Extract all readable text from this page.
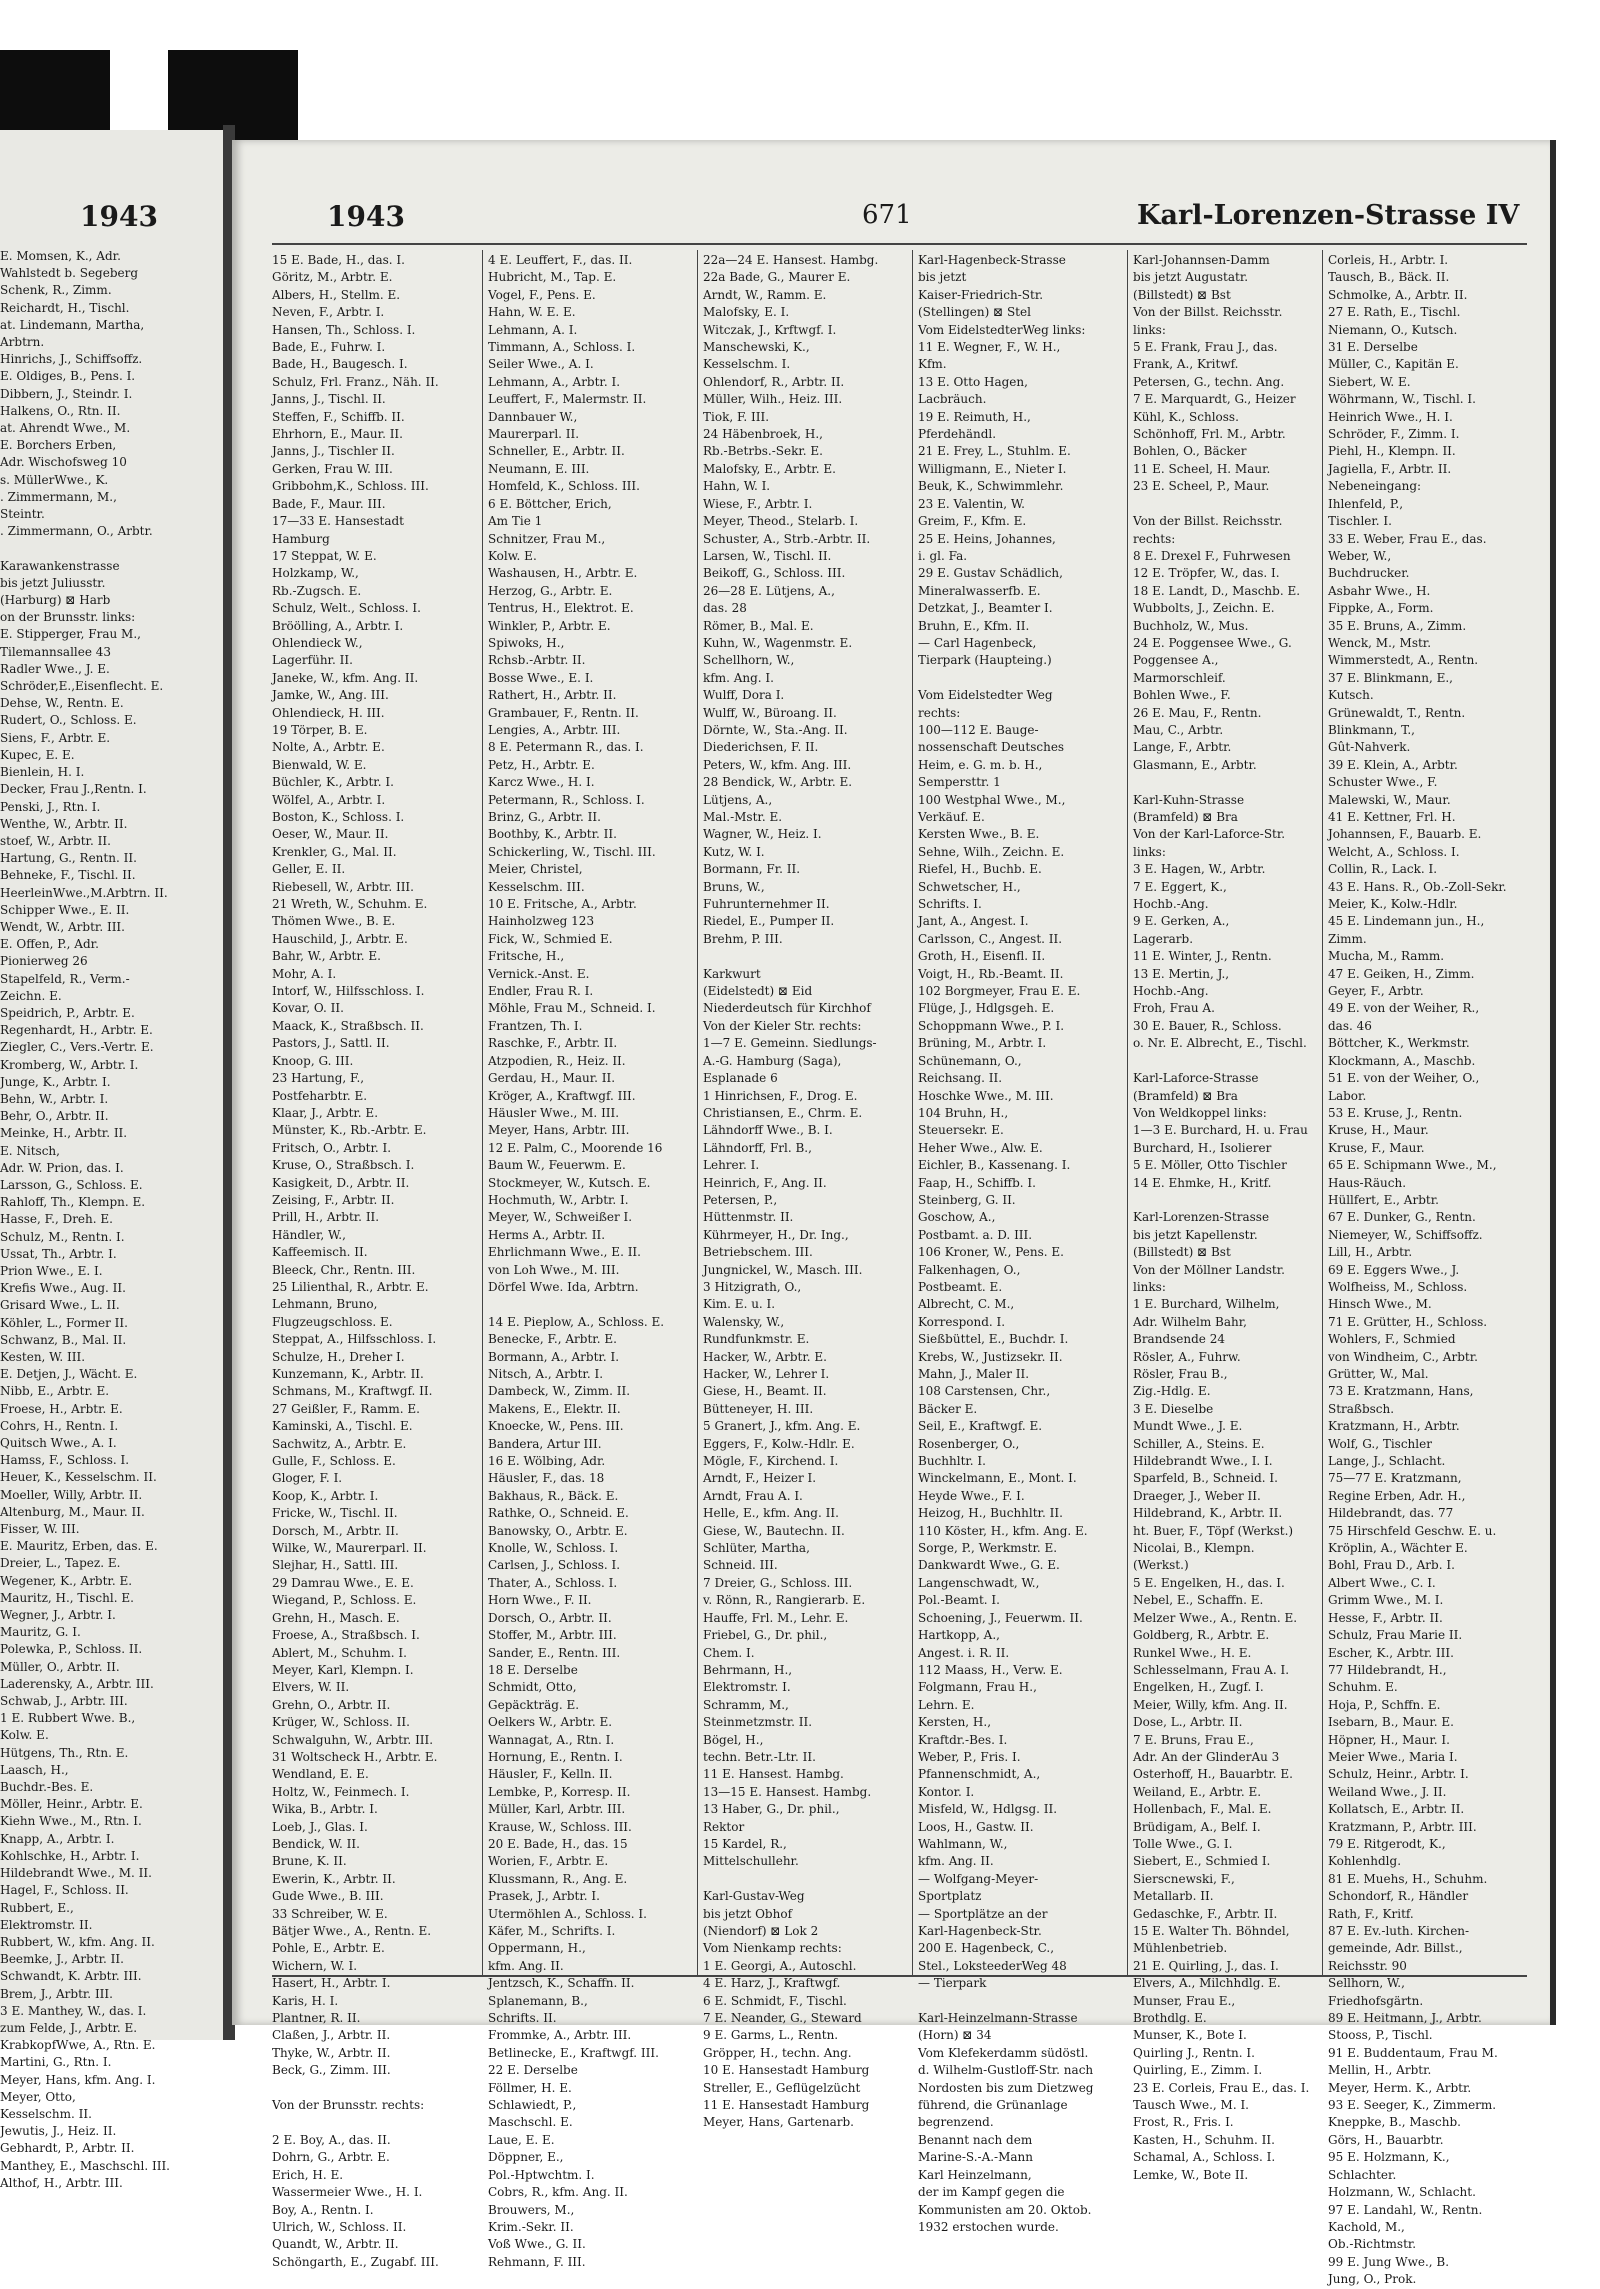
1943
E. Momsen, K., Adr.
Wahlstedt b. Segeberg
Schenk, R., Zimm.
Reichardt, H., Tischl.
at. Lindemann, Martha,
Arbtrn.
Hinrichs, J., Schiffsoffz.
E. Oldiges, B., Pens. I.
Dibbern, J., Steindr. I.
Halkens, O., Rtn. II.
at. Ahrendt Wwe., M.
E. Borchers Erben,
Adr. Wischofsweg 10
s. MüllerWwe., K.
. Zimmermann, M.,
Steintr.
. Zimmermann, O., Arbtr.

Karawankenstrasse
bis jetzt Juliusstr.
(Harburg) ⊠ Harb
on der Brunsstr. links:
E. Stipperger, Frau M.,
Tilemannsallee 43
Radler Wwe., J. E.
Schröder,E.,Eisenflecht. E.
Dehse, W., Rentn. E.
Rudert, O., Schloss. E.
Siens, F., Arbtr. E.
Kupec, E. E.
Bienlein, H. I.
Decker, Frau J.,Rentn. I.
Penski, J., Rtn. I.
Wenthe, W., Arbtr. II.
stoef, W., Arbtr. II.
Hartung, G., Rentn. II.
Behneke, F., Tischl. II.
HeerleinWwe.,M.Arbtrn. II.
Schipper Wwe., E. II.
Wendt, W., Arbtr. III.
E. Offen, P., Adr.
Pionierweg 26
Stapelfeld, R., Verm.-
Zeichn. E.
Speidrich, P., Arbtr. E.
Regenhardt, H., Arbtr. E.
Ziegler, C., Vers.-Vertr. E.
Kromberg, W., Arbtr. I.
Junge, K., Arbtr. I.
Behn, W., Arbtr. I.
Behr, O., Arbtr. II.
Meinke, H., Arbtr. II.
E. Nitsch,
Adr. W. Prion, das. I.
Larsson, G., Schloss. E.
Rahloff, Th., Klempn. E.
Hasse, F., Dreh. E.
Schulz, M., Rentn. I.
Ussat, Th., Arbtr. I.
Prion Wwe., E. I.
Krefis Wwe., Aug. II.
Grisard Wwe., L. II.
Köhler, L., Former II.
Schwanz, B., Mal. II.
Kesten, W. III.
E. Detjen, J., Wächt. E.
Nibb, E., Arbtr. E.
Froese, H., Arbtr. E.
Cohrs, H., Rentn. I.
Quitsch Wwe., A. I.
Hamss, F., Schloss. I.
Heuer, K., Kesselschm. II.
Moeller, Willy, Arbtr. II.
Altenburg, M., Maur. II.
Fisser, W. III.
E. Mauritz, Erben, das. E.
Dreier, L., Tapez. E.
Wegener, K., Arbtr. E.
Mauritz, H., Tischl. E.
Wegner, J., Arbtr. I.
Mauritz, G. I.
Polewka, P., Schloss. II.
Müller, O., Arbtr. II.
Laderensky, A., Arbtr. III.
Schwab, J., Arbtr. III.
1 E. Rubbert Wwe. B.,
Kolw. E.
Hütgens, Th., Rtn. E.
Laasch, H.,
Buchdr.-Bes. E.
Möller, Heinr., Arbtr. E.
Kiehn Wwe., M., Rtn. I.
Knapp, A., Arbtr. I.
Kohlschke, H., Arbtr. I.
Hildebrandt Wwe., M. II.
Hagel, F., Schloss. II.
Rubbert, E.,
Elektromstr. II.
Rubbert, W., kfm. Ang. II.
Beemke, J., Arbtr. II.
Schwandt, K. Arbtr. III.
Brem, J., Arbtr. III.
3 E. Manthey, W., das. I.
zum Felde, J., Arbtr. E.
KrabkopfWwe, A., Rtn. E.
Martini, G., Rtn. I.
Meyer, Hans, kfm. Ang. I.
Meyer, Otto,
Kesselschm. II.
Jewutis, J., Heiz. II.
Gebhardt, P., Arbtr. II.
Manthey, E., Maschschl. III.
Althof, H., Arbtr. III.
1943	671	Karl-Lorenzen-Strasse IV
15 E. Bade, H., das. I.
Göritz, M., Arbtr. E.
Albers, H., Stellm. E.
Neven, F., Arbtr. I.
Hansen, Th., Schloss. I.
Bade, E., Fuhrw. I.
Bade, H., Baugesch. I.
Schulz, Frl. Franz., Näh. II.
Janns, J., Tischl. II.
Steffen, F., Schiffb. II.
Ehrhorn, E., Maur. II.
Janns, J., Tischler II.
Gerken, Frau W. III.
Gribbohm,K., Schloss. III.
Bade, F., Maur. III.
17—33 E. Hansestadt
Hamburg
17 Steppat, W. E.
Holzkamp, W.,
Rb.-Zugsch. E.
Schulz, Welt., Schloss. I.
Bröölling, A., Arbtr. I.
Ohlendieck W.,
Lagerführ. II.
Janeke, W., kfm. Ang. II.
Jamke, W., Ang. III.
Ohlendieck, H. III.
19 Törper, B. E.
Nolte, A., Arbtr. E.
Bienwald, W. E.
Büchler, K., Arbtr. I.
Wölfel, A., Arbtr. I.
Boston, K., Schloss. I.
Oeser, W., Maur. II.
Krenkler, G., Mal. II.
Geller, E. II.
Riebesell, W., Arbtr. III.
21 Wreth, W., Schuhm. E.
Thömen Wwe., B. E.
Hauschild, J., Arbtr. E.
Bahr, W., Arbtr. E.
Mohr, A. I.
Intorf, W., Hilfsschloss. I.
Kovar, O. II.
Maack, K., Straßbsch. II.
Pastors, J., Sattl. II.
Knoop, G. III.
23 Hartung, F.,
Postfeharbtr. E.
Klaar, J., Arbtr. E.
Münster, K., Rb.-Arbtr. E.
Fritsch, O., Arbtr. I.
Kruse, O., Straßbsch. I.
Kasigkeit, D., Arbtr. II.
Zeising, F., Arbtr. II.
Prill, H., Arbtr. II.
Händler, W.,
Kaffeemisch. II.
Bleeck, Chr., Rentn. III.
25 Lilienthal, R., Arbtr. E.
Lehmann, Bruno,
Flugzeugschloss. E.
Steppat, A., Hilfsschloss. I.
Schulze, H., Dreher I.
Kunzemann, K., Arbtr. II.
Schmans, M., Kraftwgf. II.
27 Geißler, F., Ramm. E.
Kaminski, A., Tischl. E.
Sachwitz, A., Arbtr. E.
Gulle, F., Schloss. E.
Gloger, F. I.
Koop, K., Arbtr. I.
Fricke, W., Tischl. II.
Dorsch, M., Arbtr. II.
Wilke, W., Maurerparl. II.
Slejhar, H., Sattl. III.
29 Damrau Wwe., E. E.
Wiegand, P., Schloss. E.
Grehn, H., Masch. E.
Froese, A., Straßbsch. I.
Ablert, M., Schuhm. I.
Meyer, Karl, Klempn. I.
Elvers, W. II.
Grehn, O., Arbtr. II.
Krüger, W., Schloss. II.
Schwalguhn, W., Arbtr. III.
31 Woltscheck H., Arbtr. E.
Wendland, E. E.
Holtz, W., Feinmech. I.
Wika, B., Arbtr. I.
Loeb, J., Glas. I.
Bendick, W. II.
Brune, K. II.
Ewerin, K., Arbtr. II.
Gude Wwe., B. III.
33 Schreiber, W. E.
Bätjer Wwe., A., Rentn. E.
Pohle, E., Arbtr. E.
Wichern, W. I.
Hasert, H., Arbtr. I.
Karis, H. I.
Plantner, R. II.
Claßen, J., Arbtr. II.
Thyke, W., Arbtr. II.
Beck, G., Zimm. III.

Von der Brunsstr. rechts:

2 E. Boy, A., das. II.
Dohrn, G., Arbtr. E.
Erich, H. E.
Wassermeier Wwe., H. I.
Boy, A., Rentn. I.
Ulrich, W., Schloss. II.
Quandt, W., Arbtr. II.
Schöngarth, E., Zugabf. III.
4 E. Leuffert, F., das. II.
Hubricht, M., Tap. E.
Vogel, F., Pens. E.
Hahn, W. E. E.
Lehmann, A. I.
Timmann, A., Schloss. I.
Seiler Wwe., A. I.
Lehmann, A., Arbtr. I.
Leuffert, F., Malermstr. II.
Dannbauer W.,
Maurerparl. II.
Schneller, E., Arbtr. II.
Neumann, E. III.
Homfeld, K., Schloss. III.
6 E. Böttcher, Erich,
Am Tie 1
Schnitzer, Frau M.,
Kolw. E.
Washausen, H., Arbtr. E.
Herzog, G., Arbtr. E.
Tentrus, H., Elektrot. E.
Winkler, P., Arbtr. E.
Spiwoks, H.,
Rchsb.-Arbtr. II.
Bosse Wwe., E. I.
Rathert, H., Arbtr. II.
Grambauer, F., Rentn. II.
Lengies, A., Arbtr. III.
8 E. Petermann R., das. I.
Petz, H., Arbtr. E.
Karcz Wwe., H. I.
Petermann, R., Schloss. I.
Brinz, G., Arbtr. II.
Boothby, K., Arbtr. II.
Schickerling, W., Tischl. III.
Meier, Christel,
Kesselschm. III.
10 E. Fritsche, A., Arbtr.
Hainholzweg 123
Fick, W., Schmied E.
Fritsche, H.,
Vernick.-Anst. E.
Endler, Frau R. I.
Möhle, Frau M., Schneid. I.
Frantzen, Th. I.
Raschke, F., Arbtr. II.
Atzpodien, R., Heiz. II.
Gerdau, H., Maur. II.
Kröger, A., Kraftwgf. III.
Häusler Wwe., M. III.
Meyer, Hans, Arbtr. III.
12 E. Palm, C., Moorende 16
Baum W., Feuerwm. E.
Stockmeyer, W., Kutsch. E.
Hochmuth, W., Arbtr. I.
Meyer, W., Schweißer I.
Herms A., Arbtr. II.
Ehrlichmann Wwe., E. II.
von Loh Wwe., M. III.
Dörfel Wwe. Ida, Arbtrn.

14 E. Pieplow, A., Schloss. E.
Benecke, F., Arbtr. E.
Bormann, A., Arbtr. I.
Nitsch, A., Arbtr. I.
Dambeck, W., Zimm. II.
Makens, E., Elektr. II.
Knoecke, W., Pens. III.
Bandera, Artur III.
16 E. Wölbing, Adr.
Häusler, F., das. 18
Bakhaus, R., Bäck. E.
Rathke, O., Schneid. E.
Banowsky, O., Arbtr. E.
Knolle, W., Schloss. I.
Carlsen, J., Schloss. I.
Thater, A., Schloss. I.
Horn Wwe., F. II.
Dorsch, O., Arbtr. II.
Stoffer, M., Arbtr. III.
Sander, E., Rentn. III.
18 E. Derselbe
Schmidt, Otto,
Gepäckträg. E.
Oelkers W., Arbtr. E.
Wannagat, A., Rtn. I.
Hornung, E., Rentn. I.
Häusler, F., Kelln. II.
Lembke, P., Korresp. II.
Müller, Karl, Arbtr. III.
Krause, W., Schloss. III.
20 E. Bade, H., das. 15
Worien, F., Arbtr. E.
Klussmann, R., Ang. E.
Prasek, J., Arbtr. I.
Utermöhlen A., Schloss. I.
Käfer, M., Schrifts. I.
Oppermann, H.,
kfm. Ang. II.
Jentzsch, K., Schaffn. II.
Splanemann, B.,
Schrifts. II.
Frommke, A., Arbtr. III.
Betlinecke, E., Kraftwgf. III.
22 E. Derselbe
Föllmer, H. E.
Schlawiedt, P.,
Maschschl. E.
Laue, E. E.
Döppner, E.,
Pol.-Hptwchtm. I.
Cobrs, R., kfm. Ang. II.
Brouwers, M.,
Krim.-Sekr. II.
Voß Wwe., G. II.
Rehmann, F. III.
22a—24 E. Hansest. Hambg.
22a Bade, G., Maurer E.
Arndt, W., Ramm. E.
Malofsky, E. I.
Witczak, J., Krftwgf. I.
Manschewski, K.,
Kesselschm. I.
Ohlendorf, R., Arbtr. II.
Müller, Wilh., Heiz. III.
Tiok, F. III.
24 Häbenbroek, H.,
Rb.-Betrbs.-Sekr. E.
Malofsky, E., Arbtr. E.
Hahn, W. I.
Wiese, F., Arbtr. I.
Meyer, Theod., Stelarb. I.
Schuster, A., Strb.-Arbtr. II.
Larsen, W., Tischl. II.
Beikoff, G., Schloss. III.
26—28 E. Lütjens, A.,
das. 28
Römer, B., Mal. E.
Kuhn, W., Wagenmstr. E.
Schellhorn, W.,
kfm. Ang. I.
Wulff, Dora I.
Wulff, W., Büroang. II.
Dörnte, W., Sta.-Ang. II.
Diederichsen, F. II.
Peters, W., kfm. Ang. III.
28 Bendick, W., Arbtr. E.
Lütjens, A.,
Mal.-Mstr. E.
Wagner, W., Heiz. I.
Kutz, W. I.
Bormann, Fr. II.
Bruns, W.,
Fuhrunternehmer II.
Riedel, E., Pumper II.
Brehm, P. III.

Karkwurt
(Eidelstedt) ⊠ Eid
Niederdeutsch für Kirchhof
Von der Kieler Str. rechts:
1—7 E. Gemeinn. Siedlungs-
A.-G. Hamburg (Saga),
Esplanade 6
1 Hinrichsen, F., Drog. E.
Christiansen, E., Chrm. E.
Lähndorff Wwe., B. I.
Lähndorff, Frl. B.,
Lehrer. I.
Heinrich, F., Ang. II.
Petersen, P.,
Hüttenmstr. II.
Kührmeyer, H., Dr. Ing.,
Betriebschem. III.
Jungnickel, W., Masch. III.
3 Hitzigrath, O.,
Kim. E. u. I.
Walensky, W.,
Rundfunkmstr. E.
Hacker, W., Arbtr. E.
Hacker, W., Lehrer I.
Giese, H., Beamt. II.
Bütteneyer, H. III.
5 Granert, J., kfm. Ang. E.
Eggers, F., Kolw.-Hdlr. E.
Mögle, F., Kirchend. I.
Arndt, F., Heizer I.
Arndt, Frau A. I.
Helle, E., kfm. Ang. II.
Giese, W., Bautechn. II.
Schlüter, Martha,
Schneid. III.
7 Dreier, G., Schloss. III.
v. Rönn, R., Rangierarb. E.
Hauffe, Frl. M., Lehr. E.
Friebel, G., Dr. phil.,
Chem. I.
Behrmann, H.,
Elektromstr. I.
Schramm, M.,
Steinmetzmstr. II.
Bögel, H.,
techn. Betr.-Ltr. II.
11 E. Hansest. Hambg.
13—15 E. Hansest. Hambg.
13 Haber, G., Dr. phil.,
Rektor
15 Kardel, R.,
Mittelschullehr.

Karl-Gustav-Weg
bis jetzt Obhof
(Niendorf) ⊠ Lok 2
Vom Nienkamp rechts:
1 E. Georgi, A., Autoschl.
4 E. Harz, J., Kraftwgf.
6 E. Schmidt, F., Tischl.
7 E. Neander, G., Steward
9 E. Garms, L., Rentn.
Gröpper, H., techn. Ang.
10 E. Hansestadt Hamburg
Streller, E., Geflügelzücht
11 E. Hansestadt Hamburg
Meyer, Hans, Gartenarb.
Karl-Hagenbeck-Strasse
bis jetzt
Kaiser-Friedrich-Str.
(Stellingen) ⊠ Stel
Vom EidelstedterWeg links:
11 E. Wegner, F., W. H.,
Kfm.
13 E. Otto Hagen,
Lacbräuch.
19 E. Reimuth, H.,
Pferdehändl.
21 E. Frey, L., Stuhlm. E.
Willigmann, E., Nieter I.
Beuk, K., Schwimmlehr.
23 E. Valentin, W.
Greim, F., Kfm. E.
25 E. Heins, Johannes,
i. gl. Fa.
29 E. Gustav Schädlich,
Mineralwasserfb. E.
Detzkat, J., Beamter I.
Bruhn, E., Kfm. II.
— Carl Hagenbeck,
Tierpark (Haupteing.)

Vom Eidelstedter Weg
rechts:
100—112 E. Bauge-
nossenschaft Deutsches
Heim, e. G. m. b. H.,
Sempersttr. 1
100 Westphal Wwe., M.,
Verkäuf. E.
Kersten Wwe., B. E.
Sehne, Wilh., Zeichn. E.
Riefel, H., Buchb. E.
Schwetscher, H.,
Schrifts. I.
Jant, A., Angest. I.
Carlsson, C., Angest. II.
Groth, H., Eisenfl. II.
Voigt, H., Rb.-Beamt. II.
102 Borgmeyer, Frau E. E.
Flüge, J., Hdlgsgeh. E.
Schoppmann Wwe., P. I.
Brüning, M., Arbtr. I.
Schünemann, O.,
Reichsang. II.
Hoschke Wwe., M. III.
104 Bruhn, H.,
Steuersekr. E.
Heher Wwe., Alw. E.
Eichler, B., Kassenang. I.
Faap, H., Schiffb. I.
Steinberg, G. II.
Goschow, A.,
Postbamt. a. D. III.
106 Kroner, W., Pens. E.
Falkenhagen, O.,
Postbeamt. E.
Albrecht, C. M.,
Korrespond. I.
Sießbüttel, E., Buchdr. I.
Krebs, W., Justizsekr. II.
Mahn, J., Maler II.
108 Carstensen, Chr.,
Bäcker E.
Seil, E., Kraftwgf. E.
Rosenberger, O.,
Buchhltr. I.
Winckelmann, E., Mont. I.
Heyde Wwe., F. I.
Heizog, H., Buchhltr. II.
110 Köster, H., kfm. Ang. E.
Sorge, P., Werkmstr. E.
Dankwardt Wwe., G. E.
Langenschwadt, W.,
Pol.-Beamt. I.
Schoening, J., Feuerwm. II.
Hartkopp, A.,
Angest. i. R. II.
112 Maass, H., Verw. E.
Folgmann, Frau H.,
Lehrn. E.
Kersten, H.,
Kraftdr.-Bes. I.
Weber, P., Fris. I.
Pfannenschmidt, A.,
Kontor. I.
Misfeld, W., Hdlgsg. II.
Loos, H., Gastw. II.
Wahlmann, W.,
kfm. Ang. II.
— Wolfgang-Meyer-
Sportplatz
— Sportplätze an der
Karl-Hagenbeck-Str.
200 E. Hagenbeck, C.,
Stel., LoksteederWeg 48
— Tierpark

Karl-Heinzelmann-Strasse
(Horn) ⊠ 34
Vom Klefekerdamm südöstl.
d. Wilhelm-Gustloff-Str. nach
Nordosten bis zum Dietzweg
führend, die Grünanlage
begrenzend.
Benannt nach dem
Marine-S.-A.-Mann
Karl Heinzelmann,
der im Kampf gegen die
Kommunisten am 20. Oktob.
1932 erstochen wurde.
Karl-Johannsen-Damm
bis jetzt Augustatr.
(Billstedt) ⊠ Bst
Von der Billst. Reichsstr.
links:
5 E. Frank, Frau J., das.
Frank, A., Kritwf.
Petersen, G., techn. Ang.
7 E. Marquardt, G., Heizer
Kühl, K., Schloss.
Schönhoff, Frl. M., Arbtr.
Bohlen, O., Bäcker
11 E. Scheel, H. Maur.
23 E. Scheel, P., Maur.

Von der Billst. Reichsstr.
rechts:
8 E. Drexel F., Fuhrwesen
12 E. Tröpfer, W., das. I.
18 E. Landt, D., Maschb. E.
Wubbolts, J., Zeichn. E.
Buchholz, W., Mus.
24 E. Poggensee Wwe., G.
Poggensee A.,
Marmorschleif.
Bohlen Wwe., F.
26 E. Mau, F., Rentn.
Mau, C., Arbtr.
Lange, F., Arbtr.
Glasmann, E., Arbtr.

Karl-Kuhn-Strasse
(Bramfeld) ⊠ Bra
Von der Karl-Laforce-Str.
links:
3 E. Hagen, W., Arbtr.
7 E. Eggert, K.,
Hochb.-Ang.
9 E. Gerken, A.,
Lagerarb.
11 E. Winter, J., Rentn.
13 E. Mertin, J.,
Hochb.-Ang.
Froh, Frau A.
30 E. Bauer, R., Schloss.
o. Nr. E. Albrecht, E., Tischl.

Karl-Laforce-Strasse
(Bramfeld) ⊠ Bra
Von Weldkoppel links:
1—3 E. Burchard, H. u. Frau
Burchard, H., Isolierer
5 E. Möller, Otto Tischler
14 E. Ehmke, H., Kritf.

Karl-Lorenzen-Strasse
bis jetzt Kapellenstr.
(Billstedt) ⊠ Bst
Von der Möllner Landstr.
links:
1 E. Burchard, Wilhelm,
Adr. Wilhelm Bahr,
Brandsende 24
Rösler, A., Fuhrw.
Rösler, Frau B.,
Zig.-Hdlg. E.
3 E. Dieselbe
Mundt Wwe., J. E.
Schiller, A., Steins. E.
Hildebrandt Wwe., I. I.
Sparfeld, B., Schneid. I.
Draeger, J., Weber II.
Hildebrand, K., Arbtr. II.
ht. Buer, F., Töpf (Werkst.)
Nicolai, B., Klempn.
(Werkst.)
5 E. Engelken, H., das. I.
Nebel, E., Schaffn. E.
Melzer Wwe., A., Rentn. E.
Goldberg, R., Arbtr. E.
Runkel Wwe., H. E.
Schlesselmann, Frau A. I.
Engelken, H., Zugf. I.
Meier, Willy, kfm. Ang. II.
Dose, L., Arbtr. II.
7 E. Bruns, Frau E.,
Adr. An der GlinderAu 3
Osterhoff, H., Bauarbtr. E.
Weiland, E., Arbtr. E.
Hollenbach, F., Mal. E.
Brüdigam, A., Belf. I.
Tolle Wwe., G. I.
Siebert, E., Schmied I.
Sierscnewski, F.,
Metallarb. II.
Gedaschke, F., Arbtr. II.
15 E. Walter Th. Böhndel,
Mühlenbetrieb.
21 E. Quirling, J., das. I.
Elvers, A., Milchhdlg. E.
Munser, Frau E.,
Brothdlg. E.
Munser, K., Bote I.
Quirling J., Rentn. I.
Quirling, E., Zimm. I.
23 E. Corleis, Frau E., das. I.
Tausch Wwe., M. I.
Frost, R., Fris. I.
Kasten, H., Schuhm. II.
Schamal, A., Schloss. I.
Lemke, W., Bote II.
Corleis, H., Arbtr. I.
Tausch, B., Bäck. II.
Schmolke, A., Arbtr. II.
27 E. Rath, E., Tischl.
Niemann, O., Kutsch.
31 E. Derselbe
Müller, C., Kapitän E.
Siebert, W. E.
Wöhrmann, W., Tischl. I.
Heinrich Wwe., H. I.
Schröder, F., Zimm. I.
Piehl, H., Klempn. II.
Jagiella, F., Arbtr. II.
Nebeneingang:
Ihlenfeld, P.,
Tischler. I.
33 E. Weber, Frau E., das.
Weber, W.,
Buchdrucker.
Asbahr Wwe., H.
Fippke, A., Form.
35 E. Bruns, A., Zimm.
Wenck, M., Mstr.
Wimmerstedt, A., Rentn.
37 E. Blinkmann, E.,
Kutsch.
Grünewaldt, T., Rentn.
Blinkmann, T.,
Gût-Nahverk.
39 E. Klein, A., Arbtr.
Schuster Wwe., F.
Malewski, W., Maur.
41 E. Kettner, Frl. H.
Johannsen, F., Bauarb. E.
Welcht, A., Schloss. I.
Collin, R., Lack. I.
43 E. Hans. R., Ob.-Zoll-Sekr.
Meier, K., Kolw.-Hdlr.
45 E. Lindemann jun., H.,
Zimm.
Mucha, M., Ramm.
47 E. Geiken, H., Zimm.
Geyer, F., Arbtr.
49 E. von der Weiher, R.,
das. 46
Böttcher, K., Werkmstr.
Klockmann, A., Maschb.
51 E. von der Weiher, O.,
Labor.
53 E. Kruse, J., Rentn.
Kruse, H., Maur.
Kruse, F., Maur.
65 E. Schipmann Wwe., M.,
Haus-Räuch.
Hüllfert, E., Arbtr.
67 E. Dunker, G., Rentn.
Niemeyer, W., Schiffsoffz.
Lill, H., Arbtr.
69 E. Eggers Wwe., J.
Wolfheiss, M., Schloss.
Hinsch Wwe., M.
71 E. Grütter, H., Schloss.
Wohlers, F., Schmied
von Windheim, C., Arbtr.
Grütter, W., Mal.
73 E. Kratzmann, Hans,
Straßbsch.
Kratzmann, H., Arbtr.
Wolf, G., Tischler
Lange, J., Schlacht.
75—77 E. Kratzmann,
Regine Erben, Adr. H.,
Hildebrandt, das. 77
75 Hirschfeld Geschw. E. u.
Kröplin, A., Wächter E.
Bohl, Frau D., Arb. I.
Albert Wwe., C. I.
Grimm Wwe., M. I.
Hesse, F., Arbtr. II.
Schulz, Frau Marie II.
Escher, K., Arbtr. III.
77 Hildebrandt, H.,
Schuhm. E.
Hoja, P., Schffn. E.
Isebarn, B., Maur. E.
Höpner, H., Maur. I.
Meier Wwe., Maria I.
Schulz, Heinr., Arbtr. I.
Weiland Wwe., J. II.
Kollatsch, E., Arbtr. II.
Kratzmann, P., Arbtr. III.
79 E. Ritgerodt, K.,
Kohlenhdlg.
81 E. Muehs, H., Schuhm.
Schondorf, R., Händler
Rath, F., Kritf.
87 E. Ev.-luth. Kirchen-
gemeinde, Adr. Billst.,
Reichsstr. 90
Sellhorn, W.,
Friedhofsgärtn.
89 E. Heitmann, J., Arbtr.
Stooss, P., Tischl.
91 E. Buddentaum, Frau M.
Mellin, H., Arbtr.
Meyer, Herm. K., Arbtr.
93 E. Seeger, K., Zimmerm.
Kneppke, B., Maschb.
Görs, H., Bauarbtr.
95 E. Holzmann, K.,
Schlachter.
Holzmann, W., Schlacht.
97 E. Landahl, W., Rentn.
Kachold, M.,
Ob.-Richtmstr.
99 E. Jung Wwe., B.
Jung, O., Prok.
